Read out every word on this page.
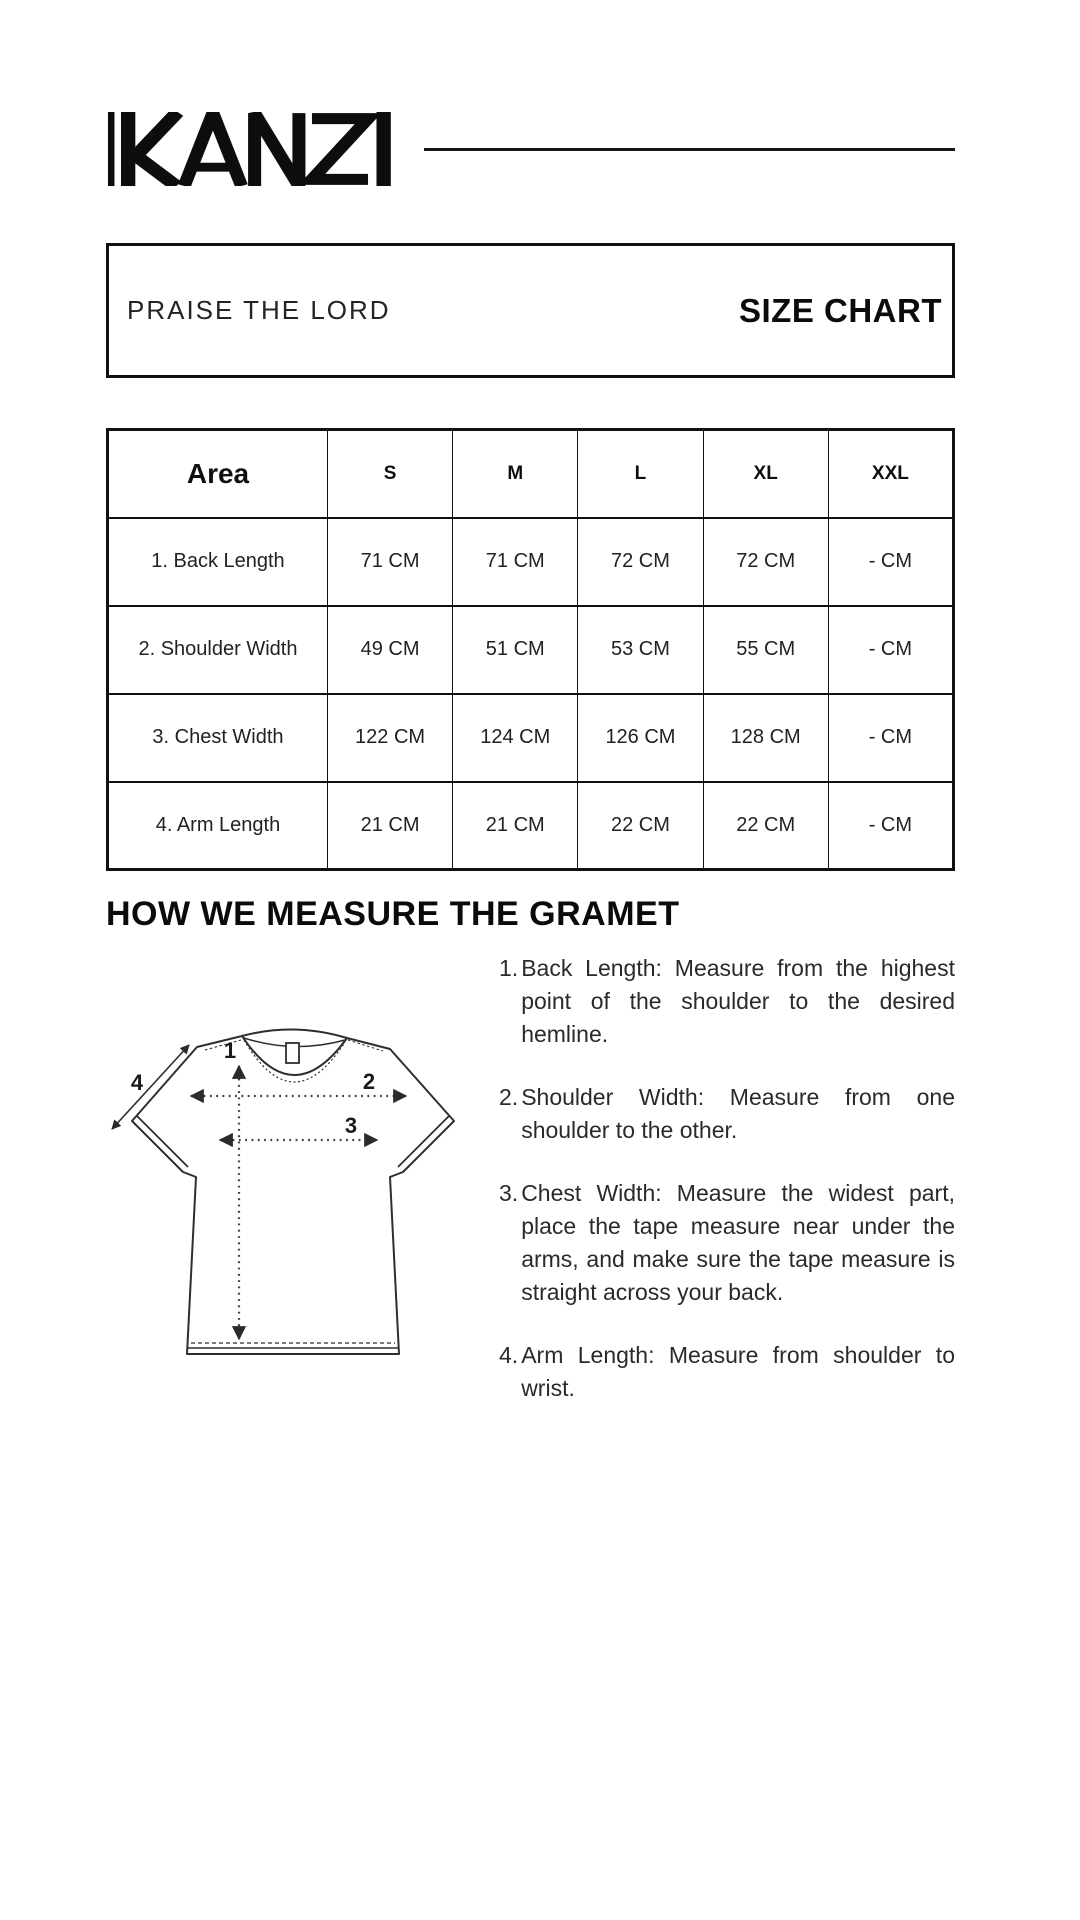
PRAISE THE LORD	SIZE CHART
Area	S	M	L	XL	XXL
1. Back Length	71 CM	71 CM	72 CM	72 CM	- CM
2. Shoulder Width	49 CM	51 CM	53 CM	55 CM	- CM
3. Chest Width	122 CM	124 CM	126 CM	128 CM	- CM
4. Arm Length	21 CM	21 CM	22 CM	22 CM	- CM
HOW WE MEASURE THE GRAMET
1
2
3
4
1. Back Length: Measure from the highest point of the shoulder to the desired hemline.
2. Shoulder Width: Measure from one shoulder to the other.
3. Chest Width: Measure the widest part, place the tape measure near under the arms, and make sure the tape measure is straight across your back.
4. Arm Length: Measure from shoulder to wrist.
